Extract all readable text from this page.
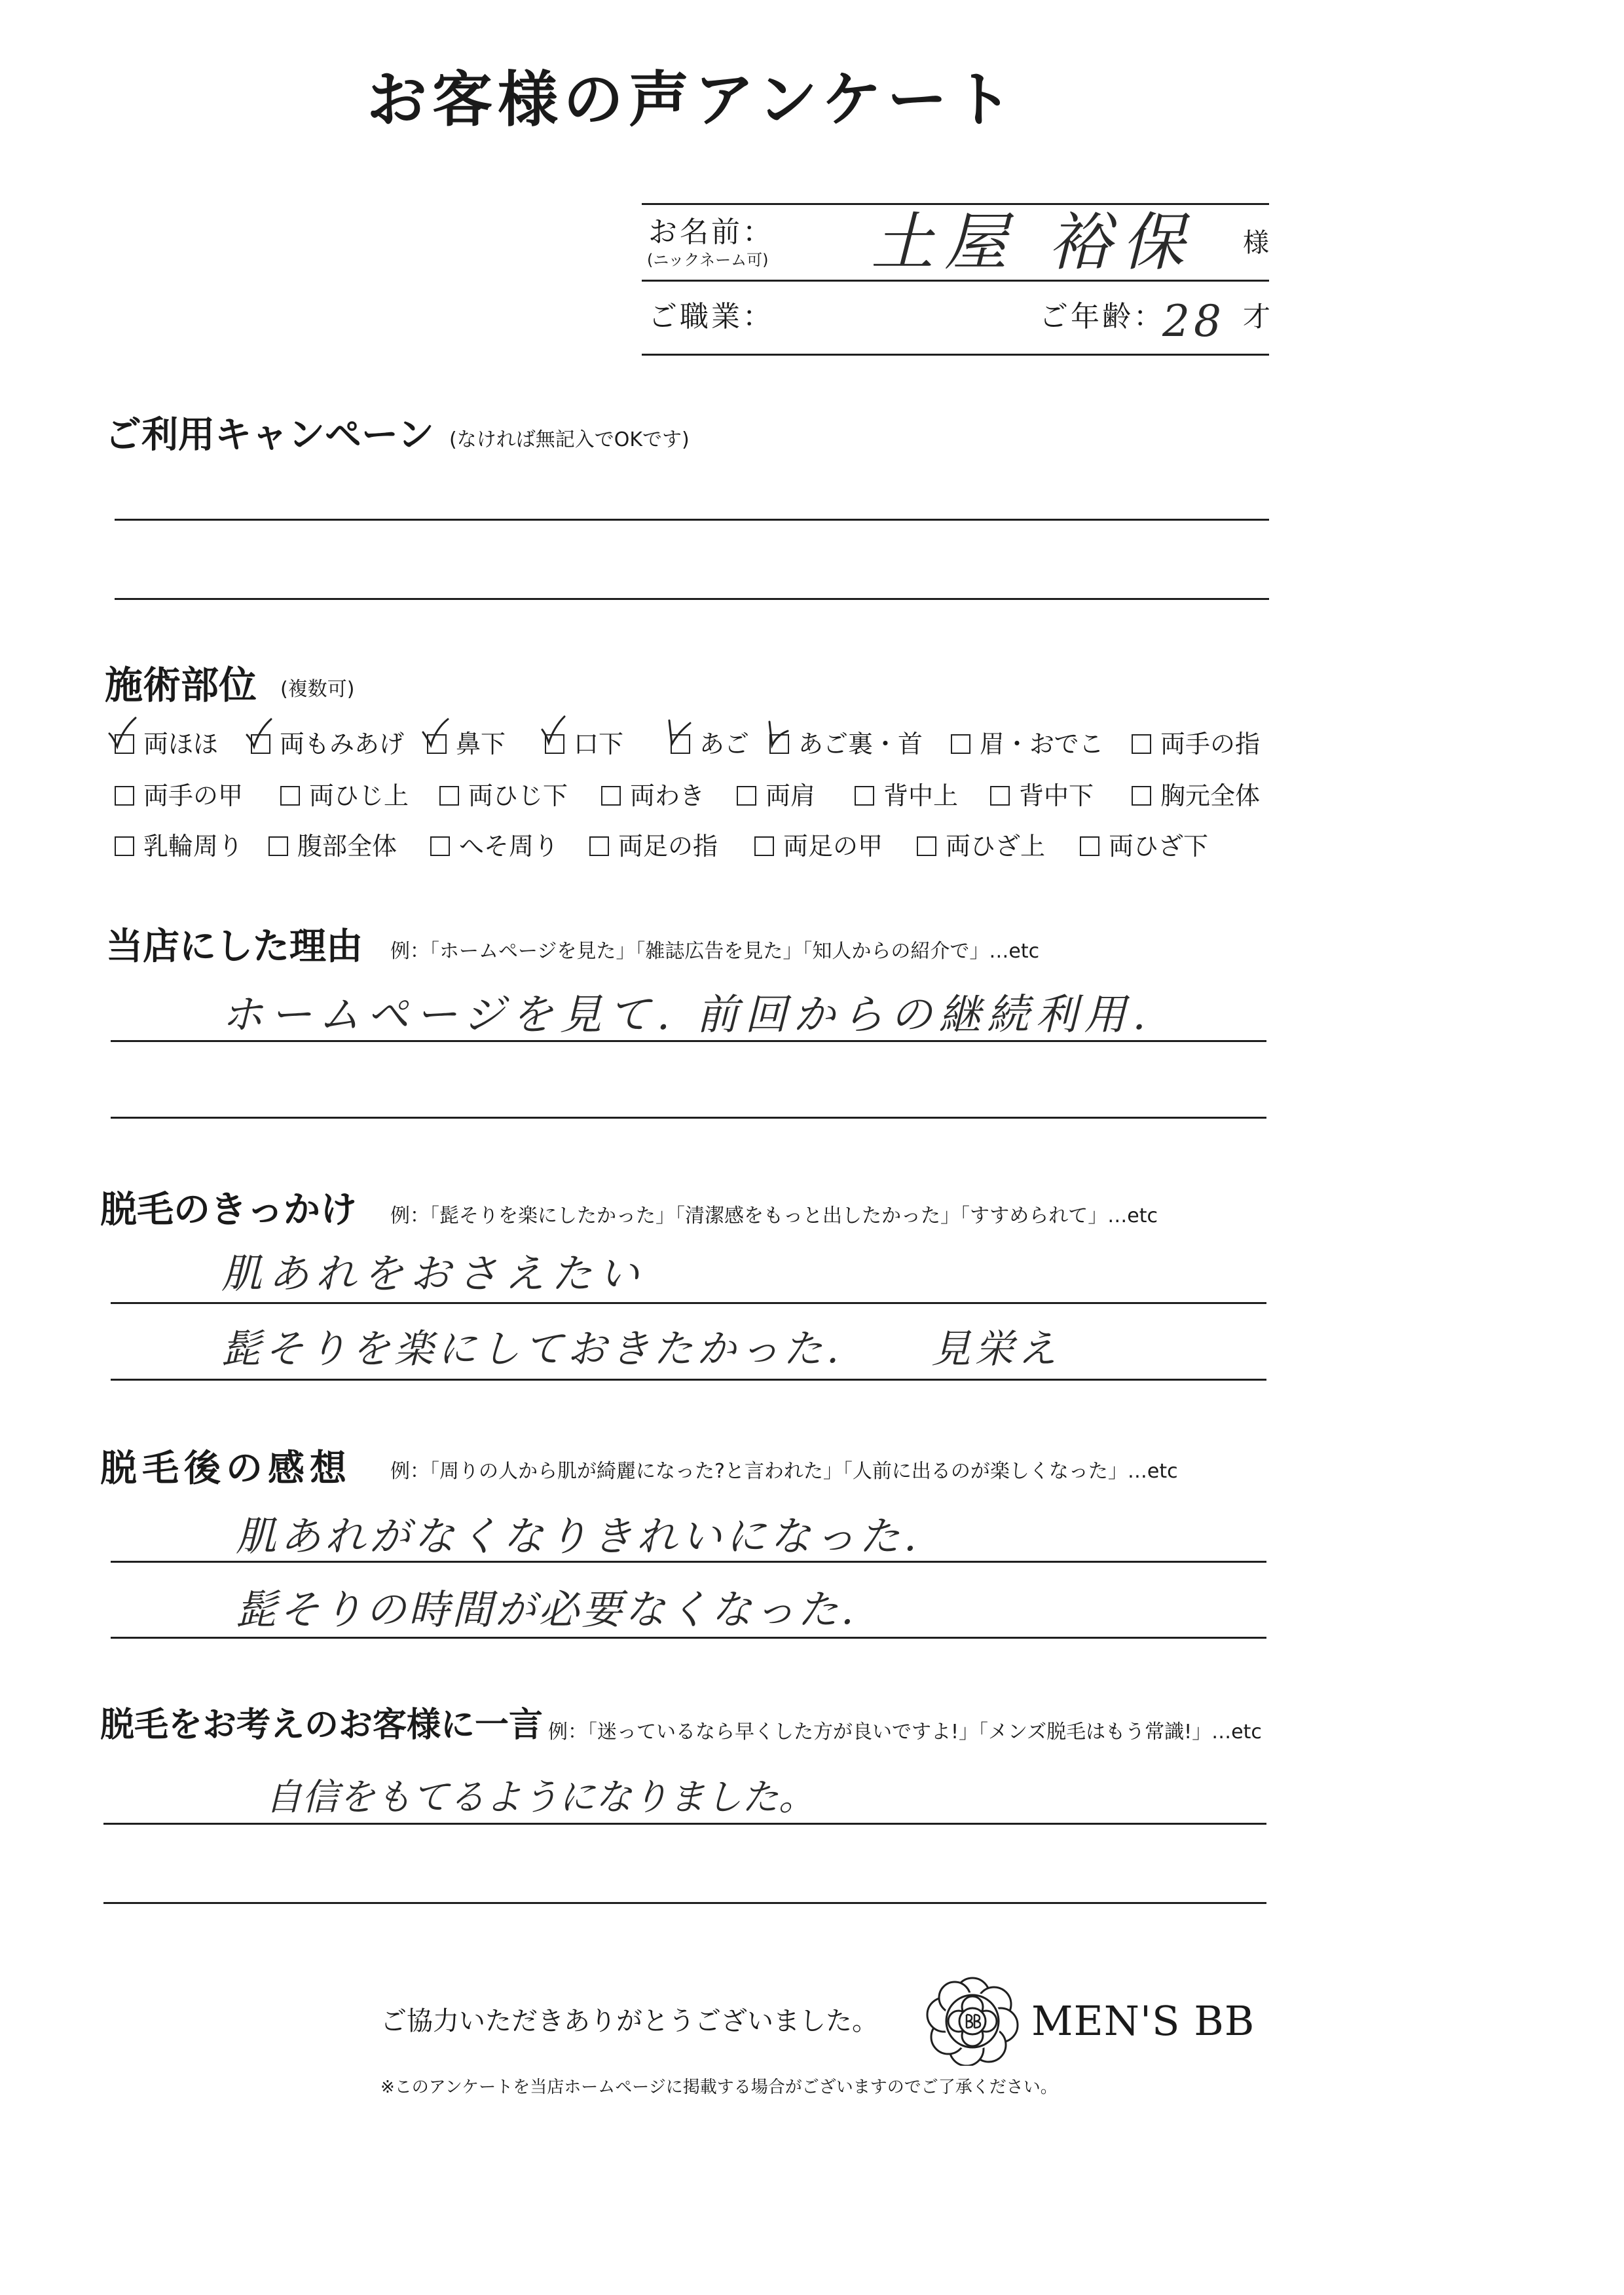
お客様の声アンケート
お名前：
(ニックネーム可) 土屋 裕保 様
ご職業：	ご年齢：
28 才
ご利用キャンペーン (なければ無記入でOKです)
施術部位 (複数可)
両ほほ 両もみあげ 鼻下	口下	あご あご裏・首 眉・おでこ 両手の指
両手の甲	両ひじ上 両ひじ下 両わき 両肩	背中上 背中下	胸元全体
乳輪周り 腹部全体 へそ周り 両足の指	両足の甲	両ひざ上	両ひざ下
当店にした理由 例：「ホームページを見た」「雑誌広告を見た」「知人からの紹介で」…etc
ホームページを見て. 前回からの継続利用.
脱毛のきっかけ 例：「髭そりを楽にしたかった」「清潔感をもっと出したかった」「すすめられて」…etc
肌あれをおさえたい
髭そりを楽にしておきたかった. 見栄え
脱毛後の感想 例：「周りの人から肌が綺麗になった?と言われた」「人前に出るのが楽しくなった」…etc
肌あれがなくなりきれいになった.
髭そりの時間が必要なくなった.
脱毛をお考えのお客様に一言 例：「迷っているなら早くした方が良いですよ!」「メンズ脱毛はもう常識!」…etc
自信をもてるようになりました。
ご協力いただきありがとうございました。	MEN'S BB
※このアンケートを当店ホームページに掲載する場合がございますのでご了承ください。
